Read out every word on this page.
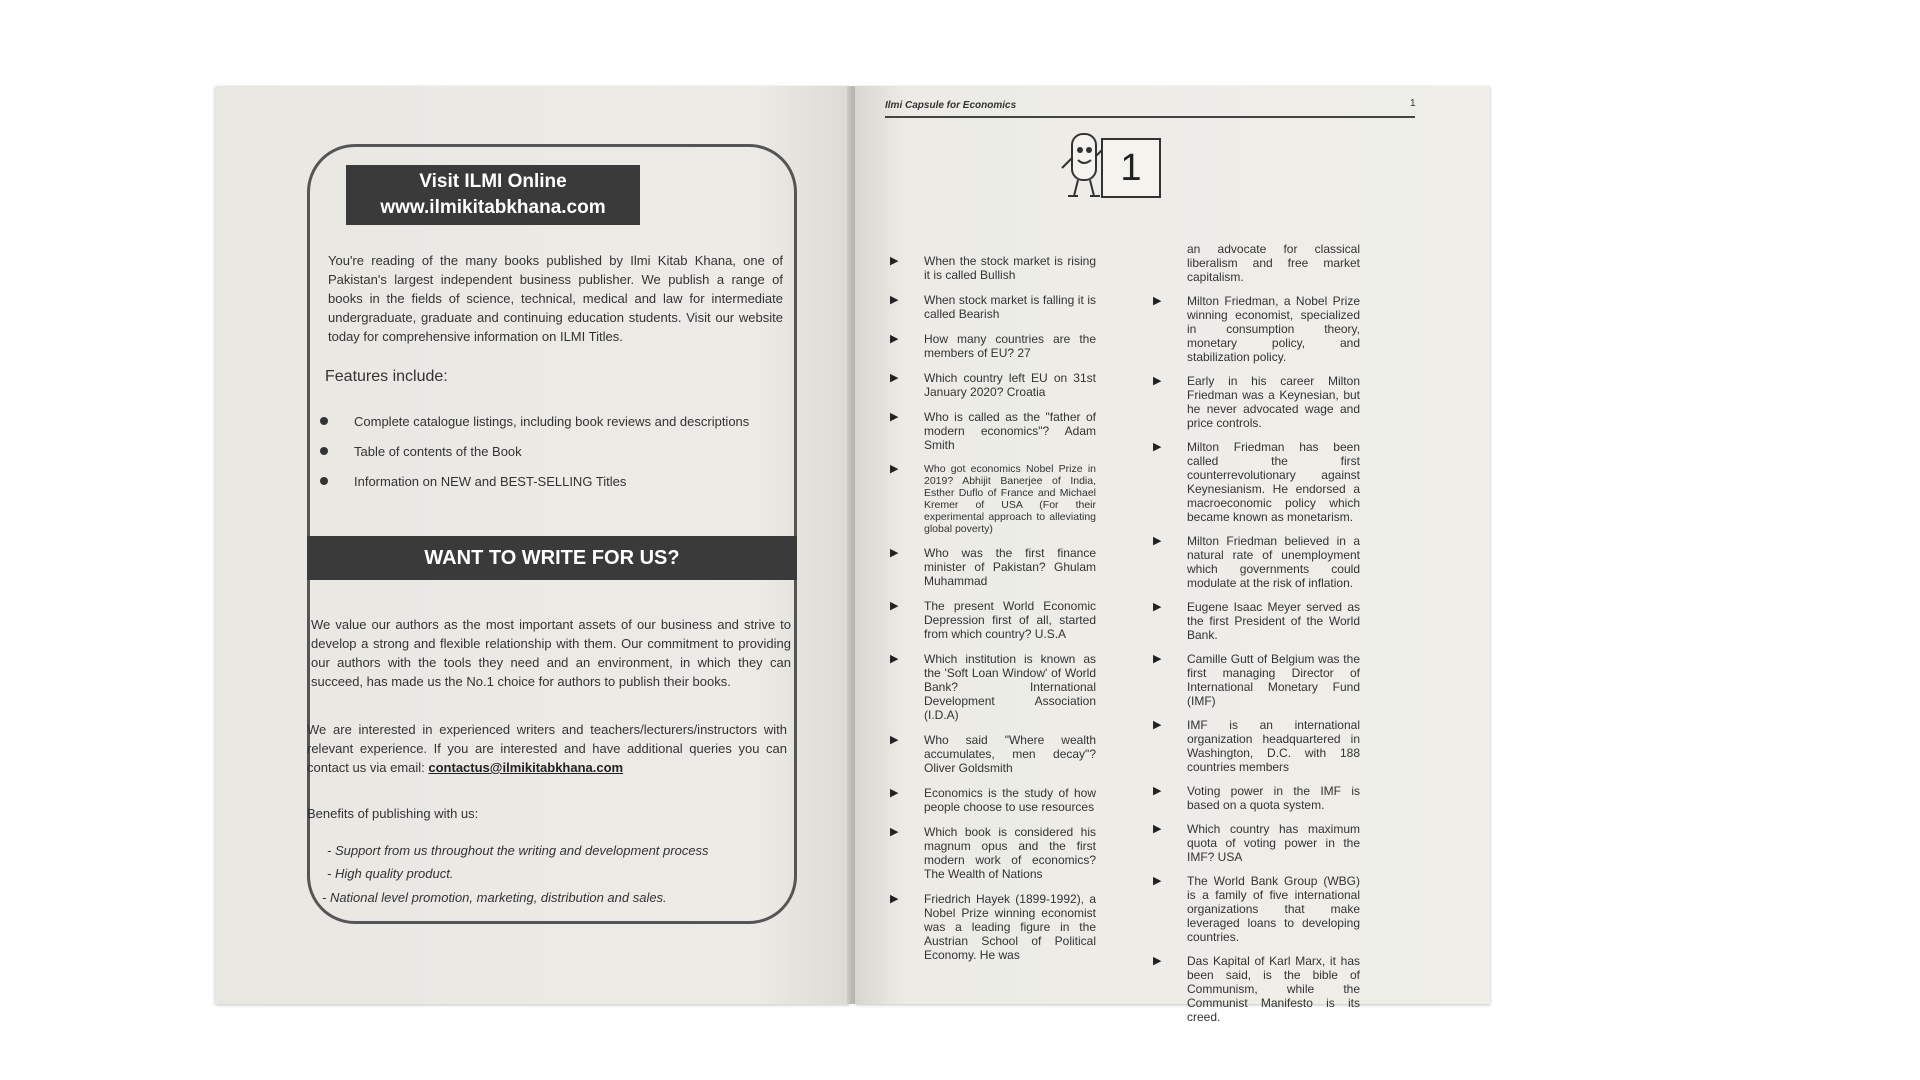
Visit ILMI Online
www.ilmikitabkhana.com
You're reading of the many books published by Ilmi Kitab Khana, one of Pakistan's largest independent business publisher. We publish a range of books in the fields of science, technical, medical and law for intermediate undergraduate, graduate and continuing education students. Visit our website today for comprehensive information on ILMI Titles.
Features include:
Complete catalogue listings, including book reviews and descriptions
Table of contents of the Book
Information on NEW and BEST-SELLING Titles
WANT TO WRITE FOR US?
We value our authors as the most important assets of our business and strive to develop a strong and flexible relationship with them. Our commitment to providing our authors with the tools they need and an environment, in which they can succeed, has made us the No.1 choice for authors to publish their books.
We are interested in experienced writers and teachers/lecturers/instructors with relevant experience. If you are interested and have additional queries you can contact us via email: contactus@ilmikitabkhana.com
Benefits of publishing with us:
- Support from us throughout the writing and development process
- High quality product.
- National level promotion, marketing, distribution and sales.
Ilmi Capsule for Economics	1
1
▶ When the stock market is rising it is called Bullish
▶ When stock market is falling it is called Bearish
▶ How many countries are the members of EU? 27
▶ Which country left EU on 31st January 2020? Croatia
▶ Who is called as the "father of modern economics"? Adam Smith
▶ Who got economics Nobel Prize in 2019? Abhijit Banerjee of India, Esther Duflo of France and Michael Kremer of USA (For their experimental approach to alleviating global poverty)
▶ Who was the first finance minister of Pakistan? Ghulam Muhammad
▶ The present World Economic Depression first of all, started from which country? U.S.A
▶ Which institution is known as the 'Soft Loan Window' of World Bank? International Development Association (I.D.A)
▶ Who said "Where wealth accumulates, men decay"? Oliver Goldsmith
▶ Economics is the study of how people choose to use resources
▶ Which book is considered his magnum opus and the first modern work of economics? The Wealth of Nations
▶ Friedrich Hayek (1899-1992), a Nobel Prize winning economist was a leading figure in the Austrian School of Political Economy. He was
an advocate for classical liberalism and free market capitalism.
▶ Milton Friedman, a Nobel Prize winning economist, specialized in consumption theory, monetary policy, and stabilization policy.
▶ Early in his career Milton Friedman was a Keynesian, but he never advocated wage and price controls.
▶ Milton Friedman has been called the first counterrevolutionary against Keynesianism. He endorsed a macroeconomic policy which became known as monetarism.
▶ Milton Friedman believed in a natural rate of unemployment which governments could modulate at the risk of inflation.
▶ Eugene Isaac Meyer served as the first President of the World Bank.
▶ Camille Gutt of Belgium was the first managing Director of International Monetary Fund (IMF)
▶ IMF is an international organization headquartered in Washington, D.C. with 188 countries members
▶ Voting power in the IMF is based on a quota system.
▶ Which country has maximum quota of voting power in the IMF? USA
▶ The World Bank Group (WBG) is a family of five international organizations that make leveraged loans to developing countries.
▶ Das Kapital of Karl Marx, it has been said, is the bible of Communism, while the Communist Manifesto is its creed.
